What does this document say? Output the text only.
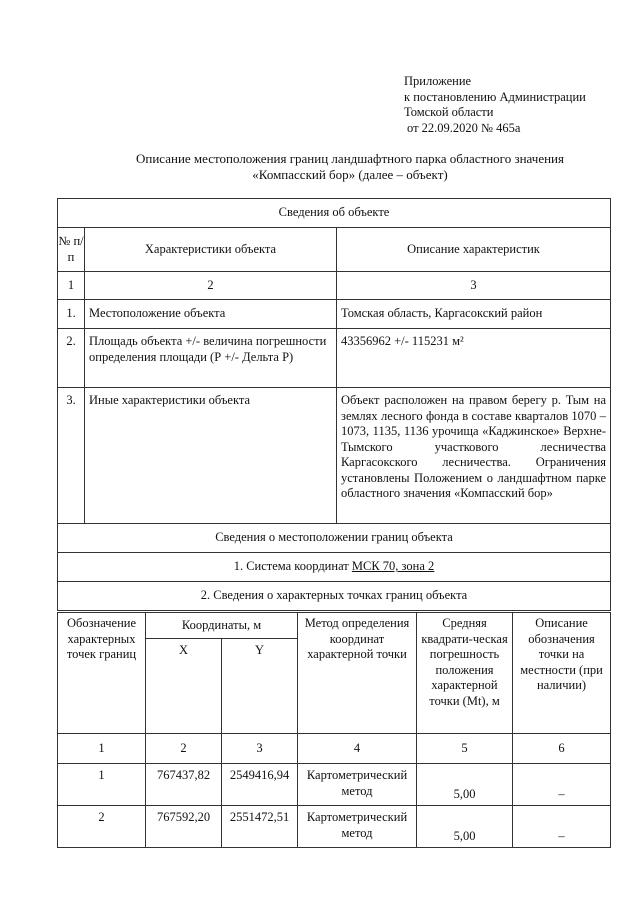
Приложение
к постановлению Администрации
Томской области
от 22.09.2020 № 465а
Описание местоположения границ ландшафтного парка областного значения
«Компасский бор» (далее – объект)
Сведения об объекте		
№ п/п	Характеристики объекта	Описание характеристик
1	2	3
1.	Местоположение объекта	Томская область, Каргасокский район
2.	Площадь объекта +/- величина погрешности определения площади (Р +/- Дельта Р)	43356962 +/- 115231 м²
3.	Иные характеристики объекта	Объект расположен на правом берегу р. Тым на землях лесного фонда в составе кварталов 1070 – 1073, 1135, 1136 урочища «Каджинское» Верхне-Тымского участкового лесничества Каргасокского лесничества. Ограничения установлены Положением о ландшафтном парке областного значения «Компасский бор»
Сведения о местоположении границ объекта		
1. Система координат МСК 70, зона 2		
2. Сведения о характерных точках границ объекта		
Обозначение характерных точек границ	Координаты, м		Метод определения координат характерной точки	Средняя квадрати-ческая погрешность положения характерной точки (Mt), м	Описание обозначения точки на местности (при наличии)
	X	Y			
1	2	3	4	5	6
1	767437,82	2549416,94	Картометрический метод	5,00	–
2	767592,20	2551472,51	Картометрический метод	5,00	–
